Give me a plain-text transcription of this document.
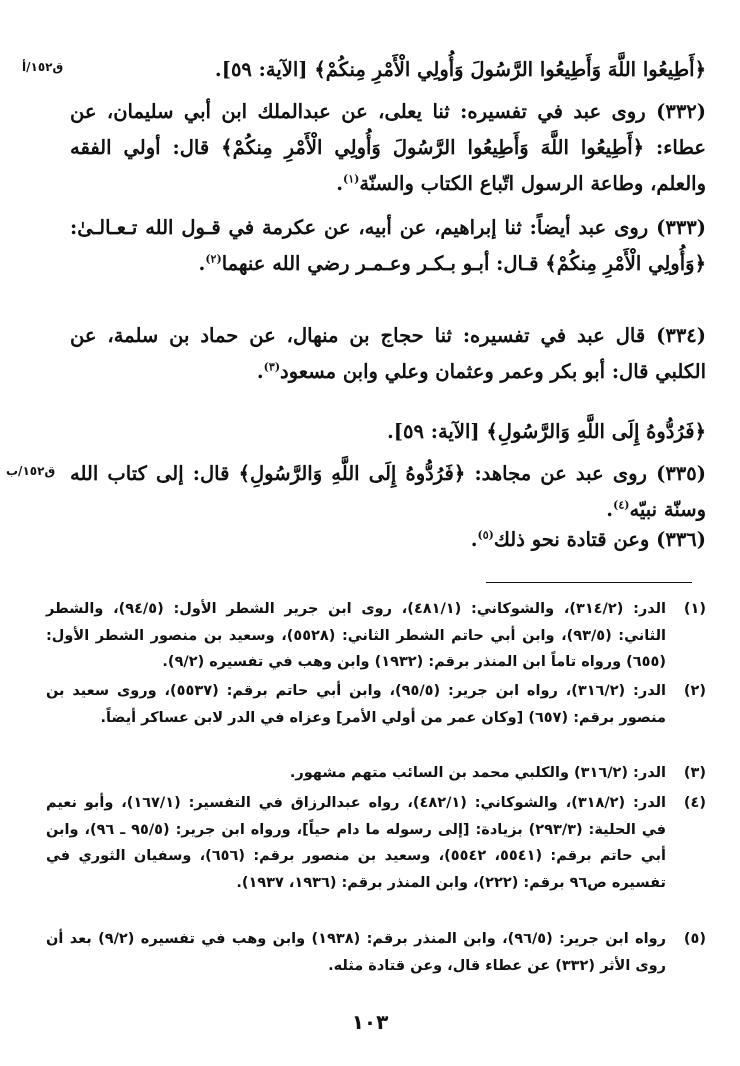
ق١٥٢/أ
ق١٥٢/ب
﴿أَطِيعُوا اللَّهَ وَأَطِيعُوا الرَّسُولَ وَأُولِي الْأَمْرِ مِنكُمْ﴾ [الآية: ٥٩].
(٣٣٢) روى عبد في تفسيره: ثنا يعلى، عن عبدالملك ابن أبي سليمان، عن عطاء: ﴿أَطِيعُوا اللَّهَ وَأَطِيعُوا الرَّسُولَ وَأُولِي الْأَمْرِ مِنكُمْ﴾ قال: أولي الفقه والعلم، وطاعة الرسول اتّباع الكتاب والسنّة$^{(١)}$.
(٣٣٣) روى عبد أيضاً: ثنا إبراهيم، عن أبيه، عن عكرمة في قـول الله تـعـالـىٰ: ﴿وَأُولِي الْأَمْرِ مِنكُمْ﴾ قـال: أبـو بـكـر وعـمـر رضي الله عنهما$^{(٢)}$.
(٣٣٤) قال عبد في تفسيره: ثنا حجاج بن منهال، عن حماد بن سلمة، عن الكلبي قال: أبو بكر وعمر وعثمان وعلي وابن مسعود$^{(٣)}$.
﴿فَرُدُّوهُ إِلَى اللَّهِ وَالرَّسُولِ﴾ [الآية: ٥٩].
(٣٣٥) روى عبد عن مجاهد: ﴿فَرُدُّوهُ إِلَى اللَّهِ وَالرَّسُولِ﴾ قال: إلى كتاب الله وسنّة نبيّه$^{(٤)}$.
(٣٣٦) وعن قتادة نحو ذلك$^{(٥)}$.
(١)
الدر: (٣١٤/٢)، والشوكاني: (٤٨١/١)، روى ابن جرير الشطر الأول: (٩٤/٥)، والشطر الثاني: (٩٣/٥)، وابن أبي حاتم الشطر الثاني: (٥٥٢٨)، وسعيد بن منصور الشطر الأول: (٦٥٥) ورواه تاماً ابن المنذر برقم: (١٩٣٢) وابن وهب في تفسيره (٩/٢).
(٢)
الدر: (٣١٦/٢)، رواه ابن جرير: (٩٥/٥)، وابن أبي حاتم برقم: (٥٥٣٧)، وروى سعيد بن منصور برقم: (٦٥٧) [وكان عمر من أولي الأمر] وعزاه في الدر لابن عساكر أيضاً.
(٣)
الدر: (٣١٦/٢) والكلبي محمد بن السائب متهم مشهور.
(٤)
الدر: (٣١٨/٢)، والشوكاني: (٤٨٢/١)، رواه عبدالرزاق في التفسير: (١٦٧/١)، وأبو نعيم في الحلية: (٢٩٣/٣) بزيادة: [إلى رسوله ما دام حياً]، ورواه ابن جرير: (٩٥/٥ ـ ٩٦)، وابن أبي حاتم برقم: (٥٥٤١، ٥٥٤٢)، وسعيد بن منصور برقم: (٦٥٦)، وسفيان الثوري في تفسيره ص٩٦ برقم: (٢٢٢)، وابن المنذر برقم: (١٩٣٦، ١٩٣٧).
(٥)
رواه ابن جرير: (٩٦/٥)، وابن المنذر برقم: (١٩٣٨) وابن وهب في تفسيره (٩/٢) بعد أن روى الأثر (٣٣٢) عن عطاء قال، وعن قتادة مثله.
١٠٣
